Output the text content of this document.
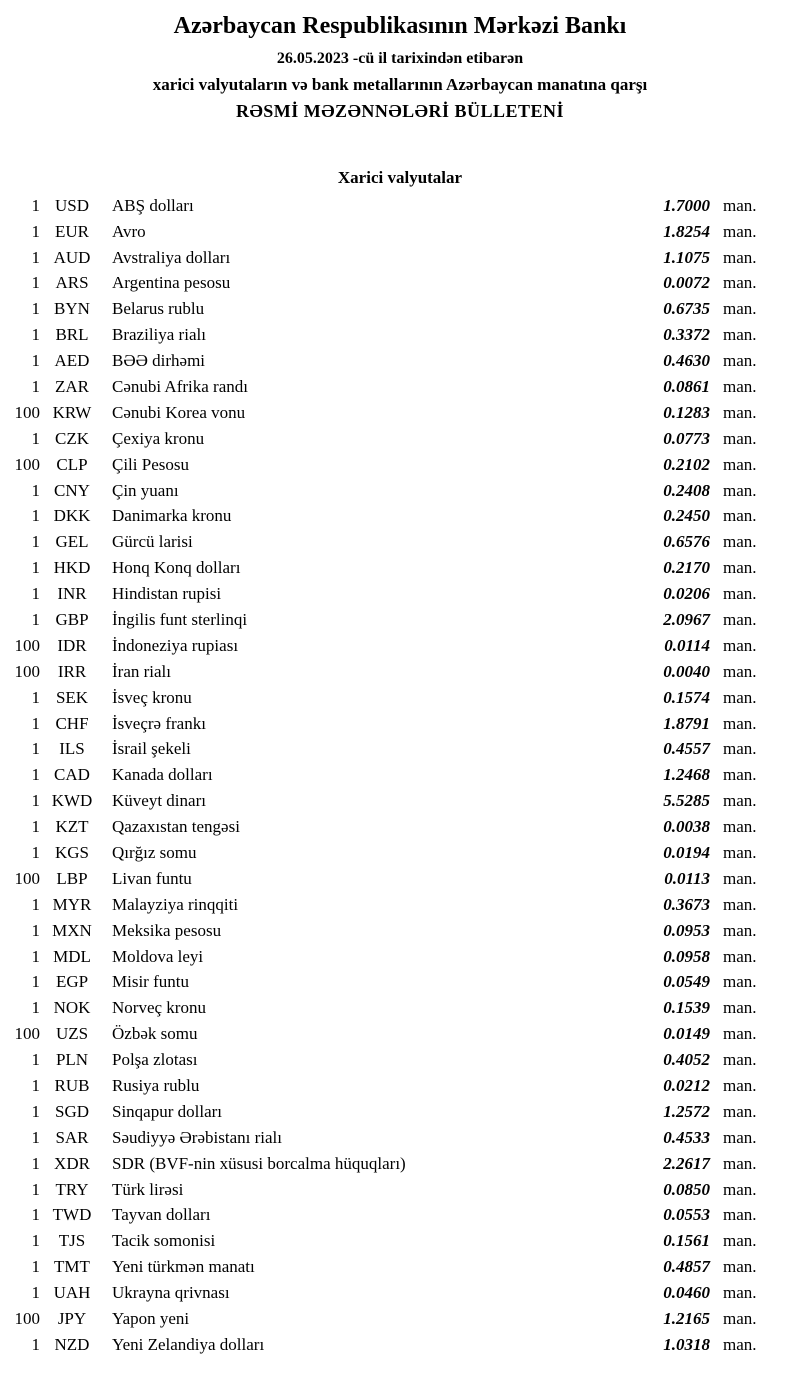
Azərbaycan Respublikasının Mərkəzi Bankı
26.05.2023 -cü il tarixindən etibarən
xarici valyutaların və bank metallarının Azərbaycan manatına qarşı
RƏSMİ MƏZƏNNƏLƏRİ BÜLLETENİ
Xarici valyutalar
1 USD	ABŞ dolları	1.7000 man.
1 EUR	Avro	1.8254 man.
1 AUD	Avstraliya dolları	1.1075 man.
1 ARS	Argentina pesosu	0.0072 man.
1 BYN	Belarus rublu	0.6735 man.
1 BRL	Braziliya rialı	0.3372 man.
1 AED	BƏƏ dirhəmi	0.4630 man.
1 ZAR	Cənubi Afrika randı	0.0861 man.
100 KRW	Cənubi Korea vonu	0.1283 man.
1 CZK	Çexiya kronu	0.0773 man.
100 CLP	Çili Pesosu	0.2102 man.
1 CNY	Çin yuanı	0.2408 man.
1 DKK	Danimarka kronu	0.2450 man.
1 GEL	Gürcü larisi	0.6576 man.
1 HKD	Honq Konq dolları	0.2170 man.
1	INR	Hindistan rupisi	0.0206 man.
1 GBP	İngilis funt sterlinqi	2.0967 man.
100	IDR	İndoneziya rupiası	0.0114 man.
100	IRR	İran rialı	0.0040 man.
1 SEK	İsveç kronu	0.1574 man.
1 CHF	İsveçrə frankı	1.8791 man.
1	ILS	İsrail şekeli	0.4557 man.
1 CAD	Kanada dolları	1.2468 man.
1 KWD	Küveyt dinarı	5.5285 man.
1 KZT	Qazaxıstan tengəsi	0.0038 man.
1 KGS	Qırğız somu	0.0194 man.
100 LBP	Livan funtu	0.0113 man.
1 MYR	Malayziya rinqqiti	0.3673 man.
1 MXN	Meksika pesosu	0.0953 man.
1 MDL	Moldova leyi	0.0958 man.
1 EGP	Misir funtu	0.0549 man.
1 NOK	Norveç kronu	0.1539 man.
100 UZS	Özbək somu	0.0149 man.
1 PLN	Polşa zlotası	0.4052 man.
1 RUB	Rusiya rublu	0.0212 man.
1 SGD	Sinqapur dolları	1.2572 man.
1 SAR	Səudiyyə Ərəbistanı rialı	0.4533 man.
1 XDR	SDR (BVF-nin xüsusi borcalma hüquqları)	2.2617 man.
1 TRY	Türk lirəsi	0.0850 man.
1 TWD	Tayvan dolları	0.0553 man.
1	TJS	Tacik somonisi	0.1561 man.
1 TMT	Yeni türkmən manatı	0.4857 man.
1 UAH	Ukrayna qrivnası	0.0460 man.
100	JPY	Yapon yeni	1.2165 man.
1 NZD	Yeni Zelandiya dolları	1.0318 man.
